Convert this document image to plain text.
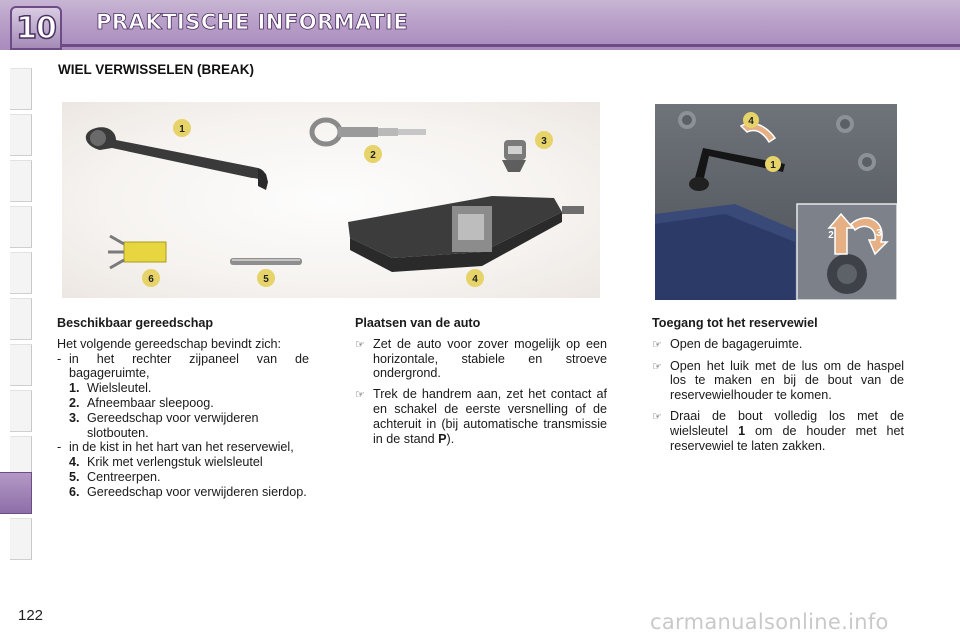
10 PRAKTISCHE INFORMATIE
WIEL VERWISSELEN (BREAK)
1
2
3
4
5
6
1
4
2	3
Beschikbaar gereedschap

Het volgende gereedschap bevindt zich:

- in het rechter zijpaneel van de bagageruimte,
1. Wielsleutel.
2. Afneembaar sleepoog.
3. Gereedschap voor verwijderen slotbouten.
- in de kist in het hart van het reservewiel,
4. Krik met verlengstuk wielsleutel
5. Centreerpen.
6. Gereedschap voor verwijderen sierdop.
Plaatsen van de auto
☞ Zet de auto voor zover mogelijk op een horizontale, stabiele en stroeve ondergrond.
☞ Trek de handrem aan, zet het contact af en schakel de eerste versnelling of de achteruit in (bij automatische transmissie in de stand P).
Toegang tot het reservewiel
☞ Open de bagageruimte.
☞ Open het luik met de lus om de haspel los te maken en bij de bout van de reservewielhouder te komen.
☞ Draai de bout volledig los met de wielsleutel 1 om de houder met het reservewiel te laten zakken.
122	carmanualsonline.info
